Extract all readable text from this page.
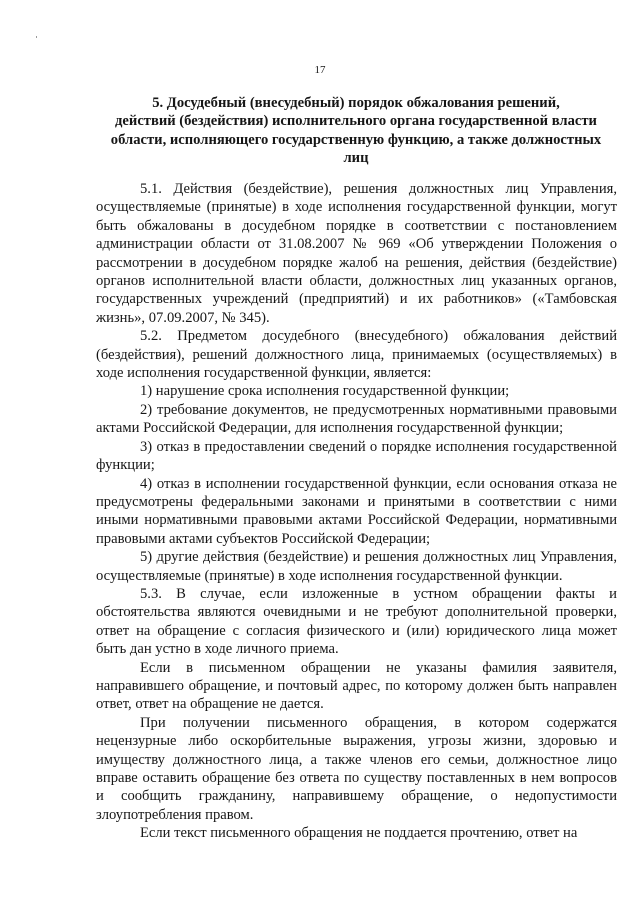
17
5. Досудебный (внесудебный) порядок обжалования решений,
действий (бездействия) исполнительного органа государственной власти
области, исполняющего государственную функцию, а также должностных
лиц

5.1. Действия (бездействие), решения должностных лиц Управления, осуществляемые (принятые) в ходе исполнения государственной функции, могут быть обжалованы в досудебном порядке в соответствии с постановлением администрации области от 31.08.2007 № 969 «Об утверждении Положения о рассмотрении в досудебном порядке жалоб на решения, действия (бездействие) органов исполнительной власти области, должностных лиц указанных органов, государственных учреждений (предприятий) и их работников» («Тамбовская жизнь», 07.09.2007, № 345).

5.2. Предметом досудебного (внесудебного) обжалования действий (бездействия), решений должностного лица, принимаемых (осуществляемых) в ходе исполнения государственной функции, является:

1) нарушение срока исполнения государственной функции;

2) требование документов, не предусмотренных нормативными правовыми актами Российской Федерации, для исполнения государственной функции;

3) отказ в предоставлении сведений о порядке исполнения государственной функции;

4) отказ в исполнении государственной функции, если основания отказа не предусмотрены федеральными законами и принятыми в соответствии с ними иными нормативными правовыми актами Российской Федерации, нормативными правовыми актами субъектов Российской Федерации;

5) другие действия (бездействие) и решения должностных лиц Управления, осуществляемые (принятые) в ходе исполнения государственной функции.

5.3. В случае, если изложенные в устном обращении факты и обстоятельства являются очевидными и не требуют дополнительной проверки, ответ на обращение с согласия физического и (или) юридического лица может быть дан устно в ходе личного приема.

Если в письменном обращении не указаны фамилия заявителя, направившего обращение, и почтовый адрес, по которому должен быть направлен ответ, ответ на обращение не дается.

При получении письменного обращения, в котором содержатся нецензурные либо оскорбительные выражения, угрозы жизни, здоровью и имуществу должностного лица, а также членов его семьи, должностное лицо вправе оставить обращение без ответа по существу поставленных в нем вопросов и сообщить гражданину, направившему обращение, о недопустимости злоупотребления правом.

Если текст письменного обращения не поддается прочтению, ответ на
